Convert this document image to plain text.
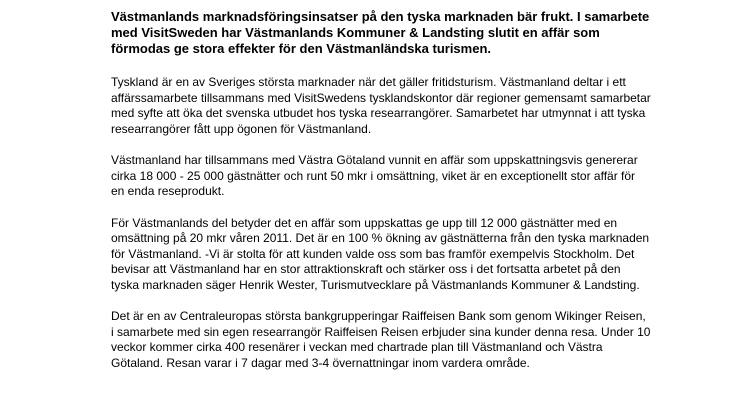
Västmanlands marknadsföringsinsatser på den tyska marknaden bär frukt. I samarbete med VisitSweden har Västmanlands Kommuner & Landsting slutit en affär som förmodas ge stora effekter för den Västmanländska turismen.

Tyskland är en av Sveriges största marknader när det gäller fritidsturism. Västmanland deltar i ett affärssamarbete tillsammans med VisitSwedens tysklandskontor där regioner gemensamt samarbetar med syfte att öka det svenska utbudet hos tyska researrangörer. Samarbetet har utmynnat i att tyska researrangörer fått upp ögonen för Västmanland.

Västmanland har tillsammans med Västra Götaland vunnit en affär som uppskattningsvis genererar cirka 18 000 - 25 000 gästnätter och runt 50 mkr i omsättning, viket är en exceptionellt stor affär för en enda reseprodukt.

För Västmanlands del betyder det en affär som uppskattas ge upp till 12 000 gästnätter med en omsättning på 20 mkr våren 2011. Det är en 100 % ökning av gästnätterna från den tyska marknaden för Västmanland. -Vi är stolta för att kunden valde oss som bas framför exempelvis Stockholm. Det bevisar att Västmanland har en stor attraktionskraft och stärker oss i det fortsatta arbetet på den tyska marknaden säger Henrik Wester, Turismutvecklare på Västmanlands Kommuner & Landsting.

Det är en av Centraleuropas största bankgrupperingar Raiffeisen Bank som genom Wikinger Reisen, i samarbete med sin egen researrangör Raiffeisen Reisen erbjuder sina kunder denna resa. Under 10 veckor kommer cirka 400 resenärer i veckan med chartrade plan till Västmanland och Västra Götaland. Resan varar i 7 dagar med 3-4 övernattningar inom vardera område.
